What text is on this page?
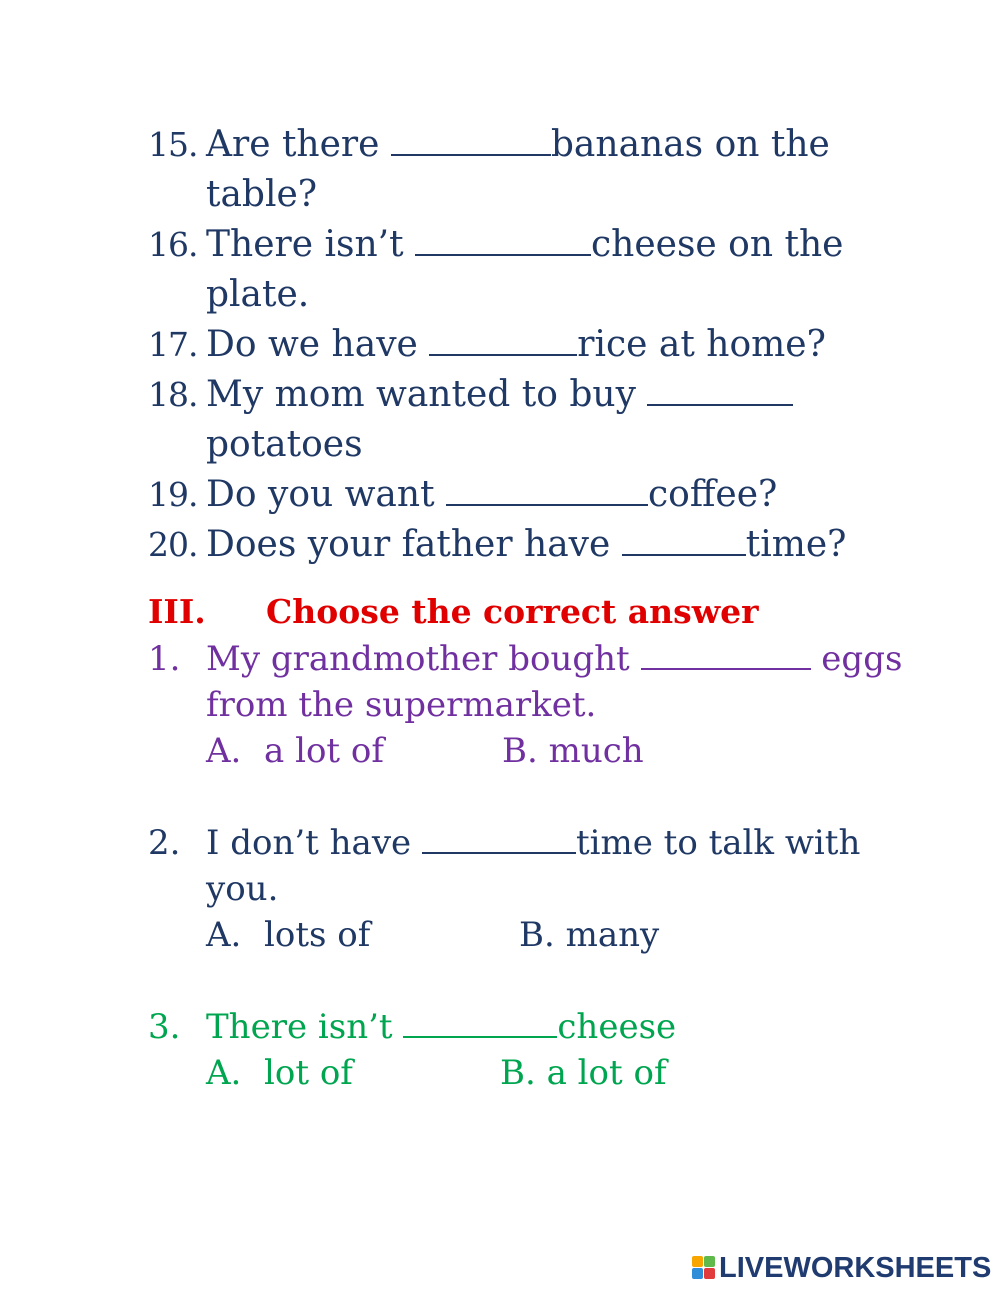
15. Are there	bananas on the table?
16. There isn’t	cheese on the plate.
17. Do we have	rice at home?
18. My mom wanted to buy potatoes
19. Do you want	coffee?
20. Does your father have	time?
III. Choose the correct answer
1. My grandmother bought	eggs from the supermarket.
A. a lot of	B. much
2. I don’t have	time to talk with you.
A. lots of	B. many
3. There isn’t	cheese
A. lot of	B. a lot of
LIVEWORKSHEETS
